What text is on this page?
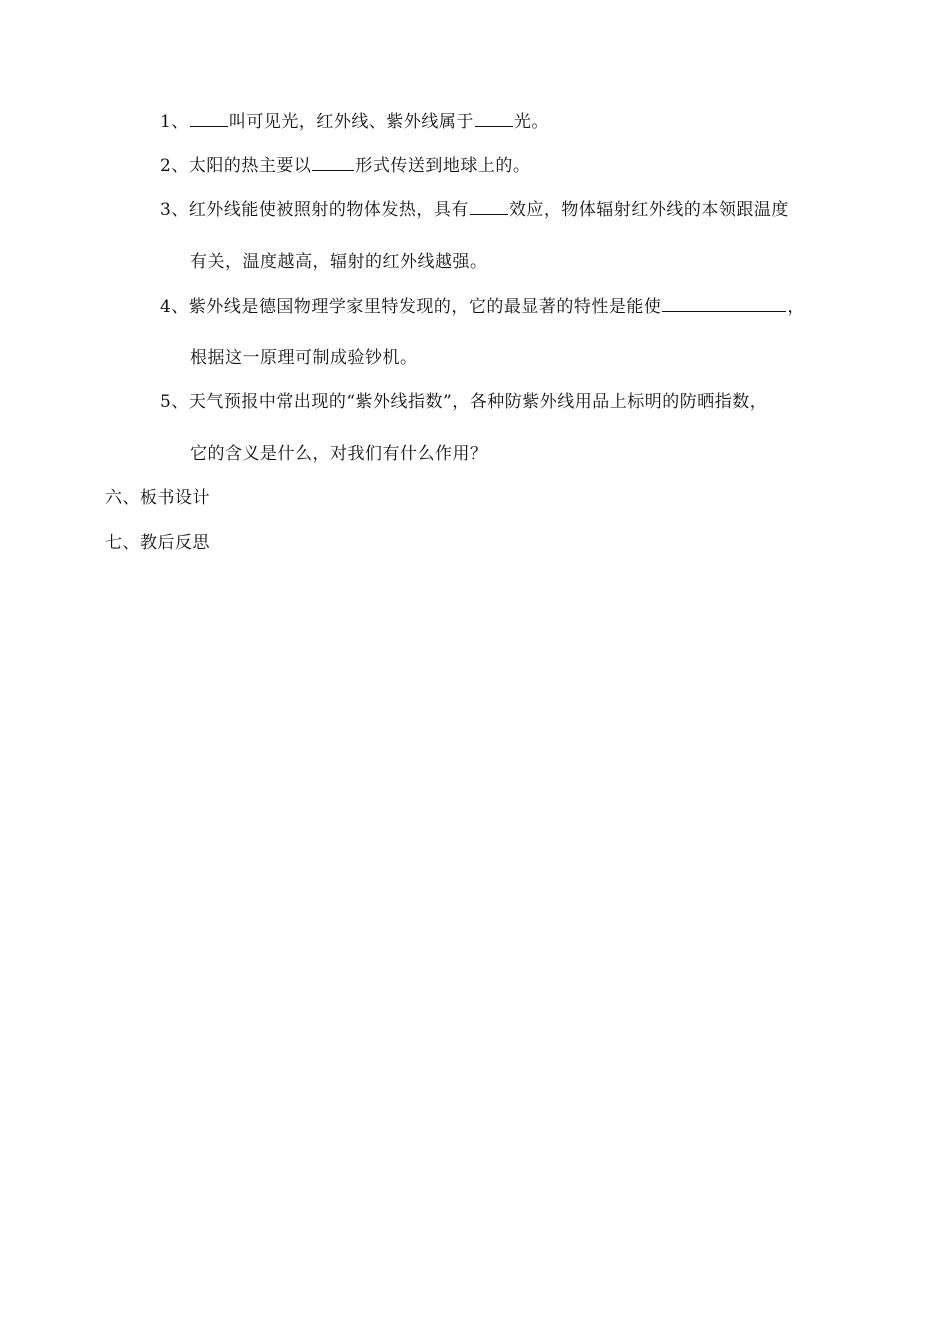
1、 叫可见光，红外线、紫外线属于 光。
2、太阳的热主要以	形式传送到地球上的。
3、红外线能使被照射的物体发热，具有 效应，物体辐射红外线的本领跟温度
有关，温度越高，辐射的红外线越强。
4、紫外线是德国物理学家里特发现的，它的最显著的特性是能使	，
根据这一原理可制成验钞机。
5、天气预报中常出现的“紫外线指数”，各种防紫外线用品上标明的防晒指数，
它的含义是什么，对我们有什么作用？
六、板书设计
七、教后反思
